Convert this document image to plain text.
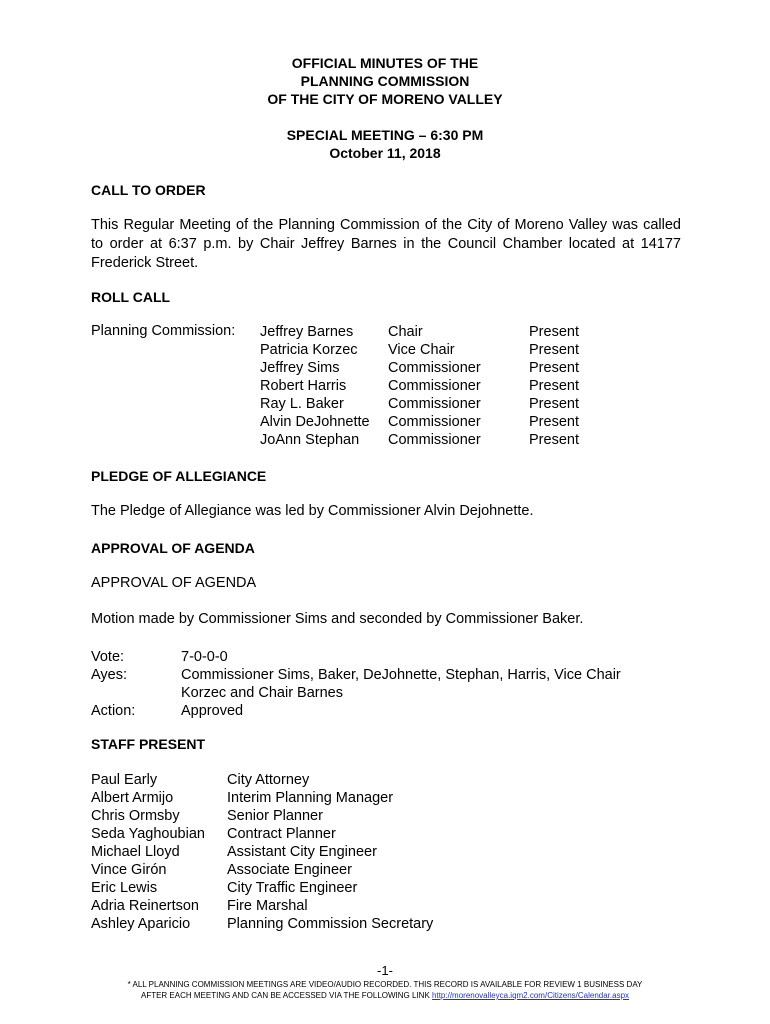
OFFICIAL MINUTES OF THE
PLANNING COMMISSION
OF THE CITY OF MORENO VALLEY
SPECIAL MEETING – 6:30 PM
October 11, 2018
CALL TO ORDER
This Regular Meeting of the Planning Commission of the City of Moreno Valley was called to order at 6:37 p.m. by Chair Jeffrey Barnes in the Council Chamber located at 14177 Frederick Street.
ROLL CALL
Planning Commission: Jeffrey Barnes
Patricia Korzec
Jeffrey Sims
Robert Harris
Ray L. Baker
Alvin DeJohnette
JoAnn Stephan
Chair
Vice Chair
Commissioner
Commissioner
Commissioner
Commissioner
Commissioner
Present
Present
Present
Present
Present
Present
Present
PLEDGE OF ALLEGIANCE
The Pledge of Allegiance was led by Commissioner Alvin Dejohnette.
APPROVAL OF AGENDA
APPROVAL OF AGENDA
Motion made by Commissioner Sims and seconded by Commissioner Baker.
Vote:
Ayes:

Action:
7-0-0-0
Commissioner Sims, Baker, DeJohnette, Stephan, Harris, Vice Chair
Korzec and Chair Barnes
Approved
STAFF PRESENT
Paul Early
Albert Armijo
Chris Ormsby
Seda Yaghoubian
Michael Lloyd
Vince Girón
Eric Lewis
Adria Reinertson
Ashley Aparicio
City Attorney
Interim Planning Manager
Senior Planner
Contract Planner
Assistant City Engineer
Associate Engineer
City Traffic Engineer
Fire Marshal
Planning Commission Secretary
-1-
* ALL PLANNING COMMISSION MEETINGS ARE VIDEO/AUDIO RECORDED. THIS RECORD IS AVAILABLE FOR REVIEW 1 BUSINESS DAY
AFTER EACH MEETING AND CAN BE ACCESSED VIA THE FOLLOWING LINK http://morenovalleyca.iqm2.com/Citizens/Calendar.aspx
